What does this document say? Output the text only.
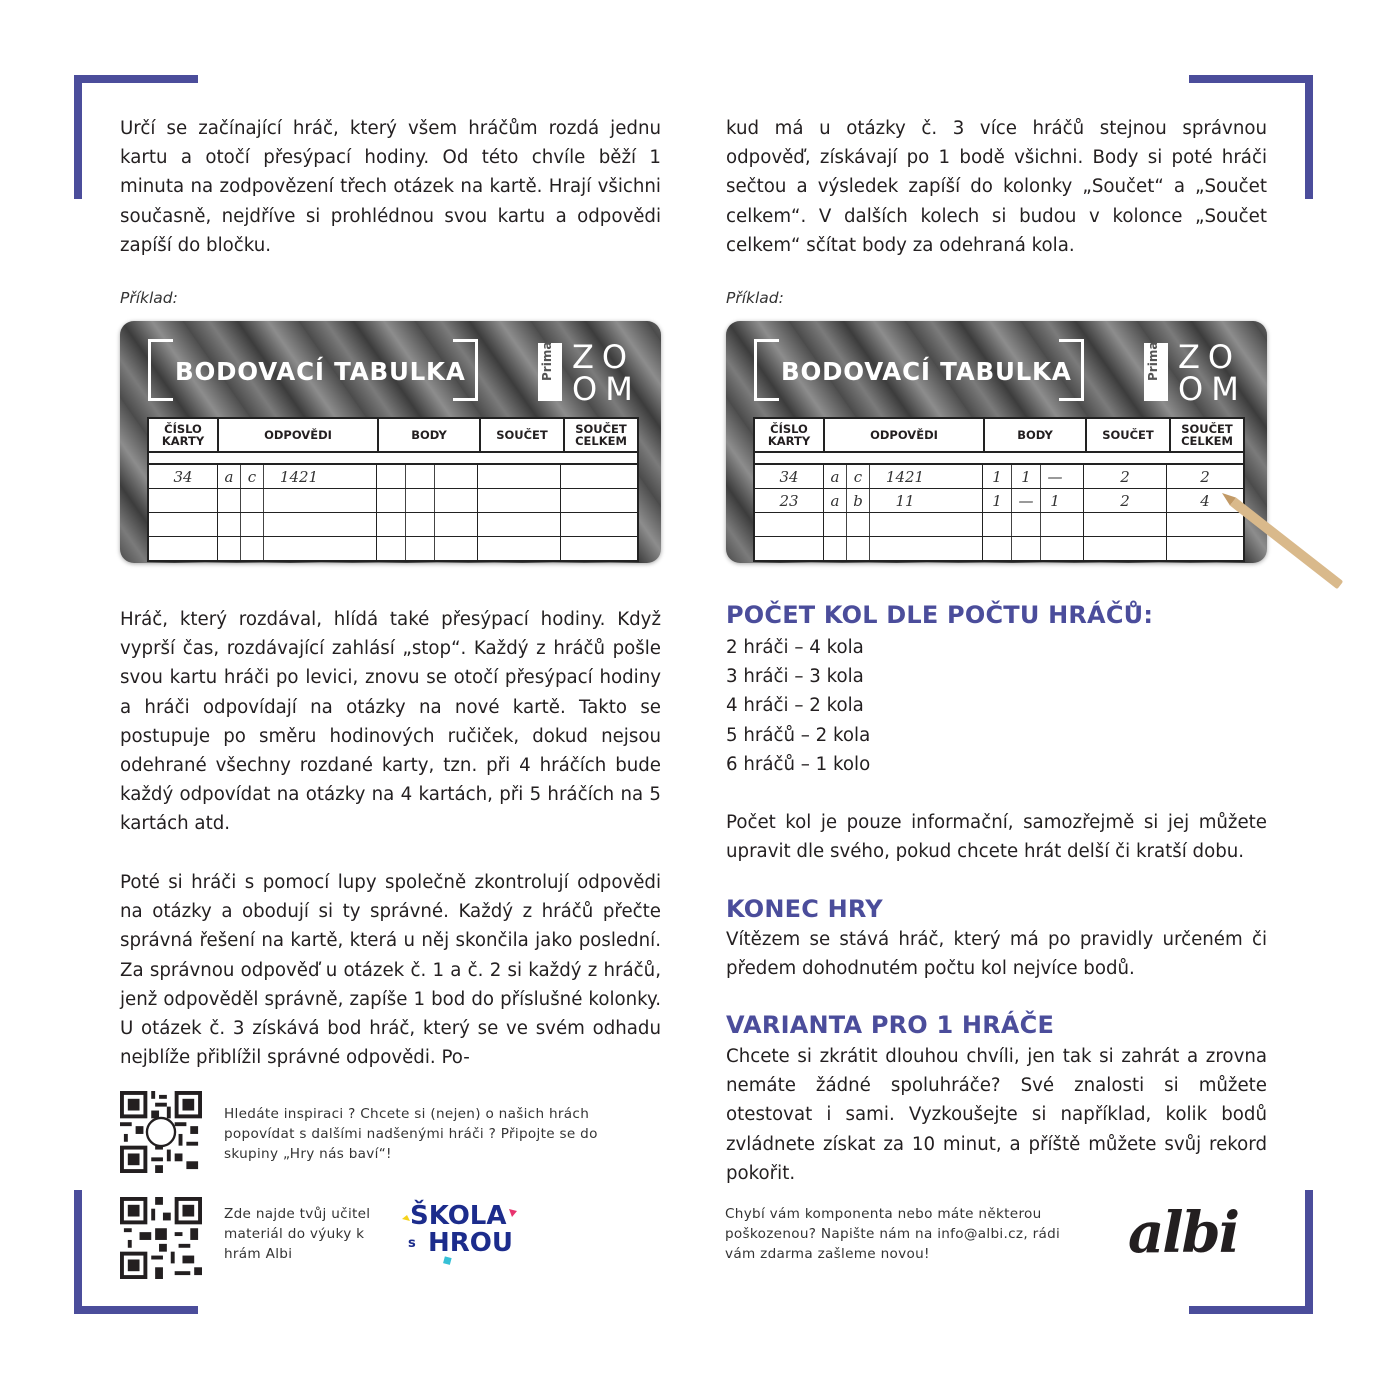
Určí se začínající hráč, který všem hráčům rozdá jednu kartu a otočí přesýpací hodiny. Od této chvíle běží 1 minuta na zodpovězení třech otázek na kartě. Hrají všichni současně, nejdříve si prohlédnou svou kartu a odpovědi zapíší do bločku.

Příklad:
BODOVACÍ TABULKA	Prima ZO
OM
ČÍSLO KARTY	ODPOVĚDI	BODY	SOUČET	SOUČET CELKEM
34	a c	1421

Hráč, který rozdával, hlídá také přesýpací hodiny. Když vyprší čas, rozdávající zahlásí „stop“. Každý z hráčů pošle svou kartu hráči po levici, znovu se otočí přesýpací hodiny a hráči odpovídají na otázky na nové kartě. Takto se postupuje po směru hodinových ručiček, dokud nejsou odehrané všechny rozdané karty, tzn. při 4 hráčích bude každý odpovídat na otázky na 4 kartách, při 5 hráčích na 5 kartách atd.

Poté si hráči s pomocí lupy společně zkontrolují odpovědi na otázky a obodují si ty správné. Každý z hráčů přečte správná řešení na kartě, která u něj skončila jako poslední. Za správnou odpověď u otázek č. 1 a č. 2 si každý z hráčů, jenž odpověděl správně, zapíše 1 bod do příslušné kolonky. U otázek č. 3 získává bod hráč, který se ve svém odhadu nejblíže přiblížil správné odpovědi. Po-

kud má u otázky č. 3 více hráčů stejnou správnou odpověď, získávají po 1 bodě všichni. Body si poté hráči sečtou a výsledek zapíší do kolonky „Součet“ a „Součet celkem“. V dalších kolech si budou v kolonce „Součet celkem“ sčítat body za odehraná kola.

Příklad:
BODOVACÍ TABULKA	Prima ZO
OM
ČÍSLO KARTY	ODPOVĚDI	BODY	SOUČET	SOUČET CELKEM
34	a c	1421	1	1	—	2	2
23	a b	11	1	—	1	2	4
POČET KOL DLE POČTU HRÁČŮ:
2 hráči – 4 kola
3 hráči – 3 kola
4 hráči – 2 kola
5 hráčů – 2 kola
6 hráčů – 1 kolo

Počet kol je pouze informační, samozřejmě si jej můžete upravit dle svého, pokud chcete hrát delší či kratší dobu.

KONEC HRY

Vítězem se stává hráč, který má po pravidly určeném či předem dohodnutém počtu kol nejvíce bodů.

VARIANTA PRO 1 HRÁČE

Chcete si zkrátit dlouhou chvíli, jen tak si zahrát a zrovna nemáte žádné spoluhráče? Své znalosti si můžete otestovat i sami. Vyzkoušejte si například, kolik bodů zvládnete získat za 10 minut, a příště můžete svůj rekord pokořit.

Hledáte inspiraci ? Chcete si (nejen) o našich hrách popovídat s dalšími nadšenými hráči ? Připojte se do skupiny „Hry nás baví“!
Zde najde tvůj učitel materiál do výuky k hrám Albi
ŠKOLA
s HROU
Chybí vám komponenta nebo máte některou poškozenou? Napište nám na info@albi.cz, rádi vám zdarma zašleme novou!	albi
